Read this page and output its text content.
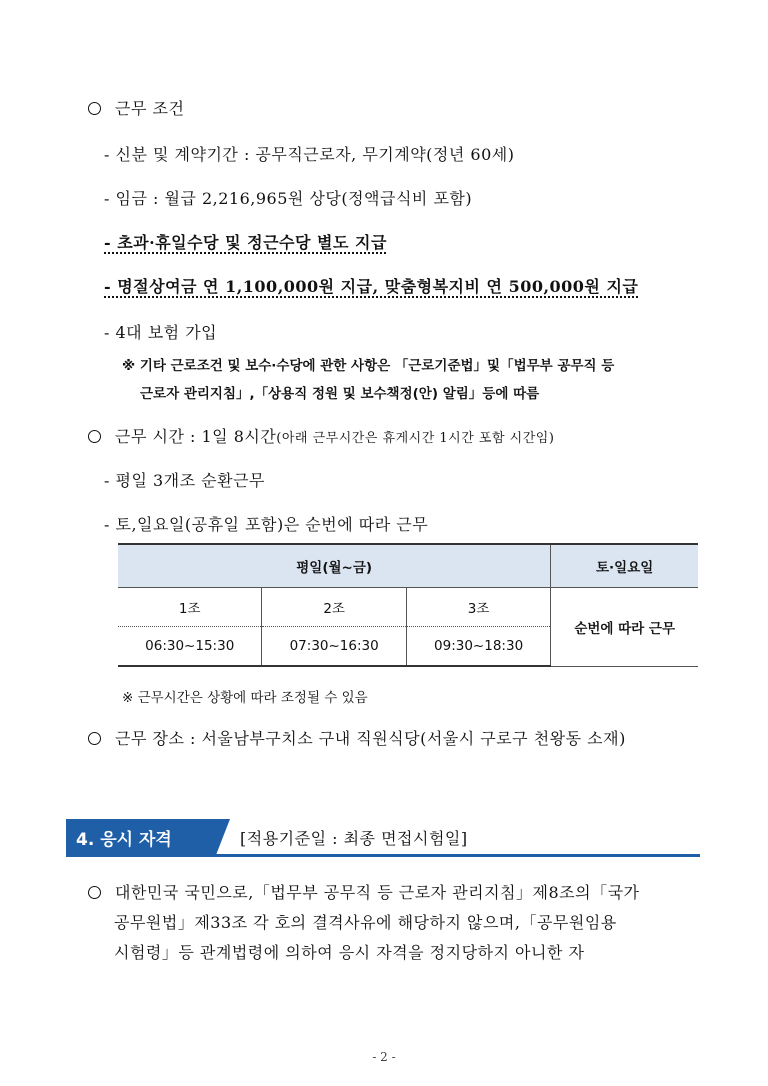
근무 조건
- 신분 및 계약기간 : 공무직근로자, 무기계약(정년 60세)
- 임금 : 월급 2,216,965원 상당(정액급식비 포함)
- 초과·휴일수당 및 정근수당 별도 지급
- 명절상여금 연 1,100,000원 지급, 맞춤형복지비 연 500,000원 지급
- 4대 보험 가입
※ 기타 근로조건 및 보수·수당에 관한 사항은 「근로기준법」및「법무부 공무직 등
근로자 관리지침」,「상용직 정원 및 보수책정(안) 알림」등에 따름
근무 시간 : 1일 8시간(아래 근무시간은 휴게시간 1시간 포함 시간임)
- 평일 3개조 순환근무
- 토,일요일(공휴일 포함)은 순번에 따라 근무
평일(월~금)			토·일요일
1조	2조	3조	순번에 따라 근무
06:30~15:30	07:30~16:30	09:30~18:30	
※ 근무시간은 상황에 따라 조정될 수 있음
근무 장소 : 서울남부구치소 구내 직원식당(서울시 구로구 천왕동 소재)
4. 응시 자격	[적용기준일 : 최종 면접시험일]
대한민국 국민으로,「법무부 공무직 등 근로자 관리지침」제8조의「국가
공무원법」제33조 각 호의 결격사유에 해당하지 않으며,「공무원임용
시험령」등 관계법령에 의하여 응시 자격을 정지당하지 아니한 자
- 2 -
